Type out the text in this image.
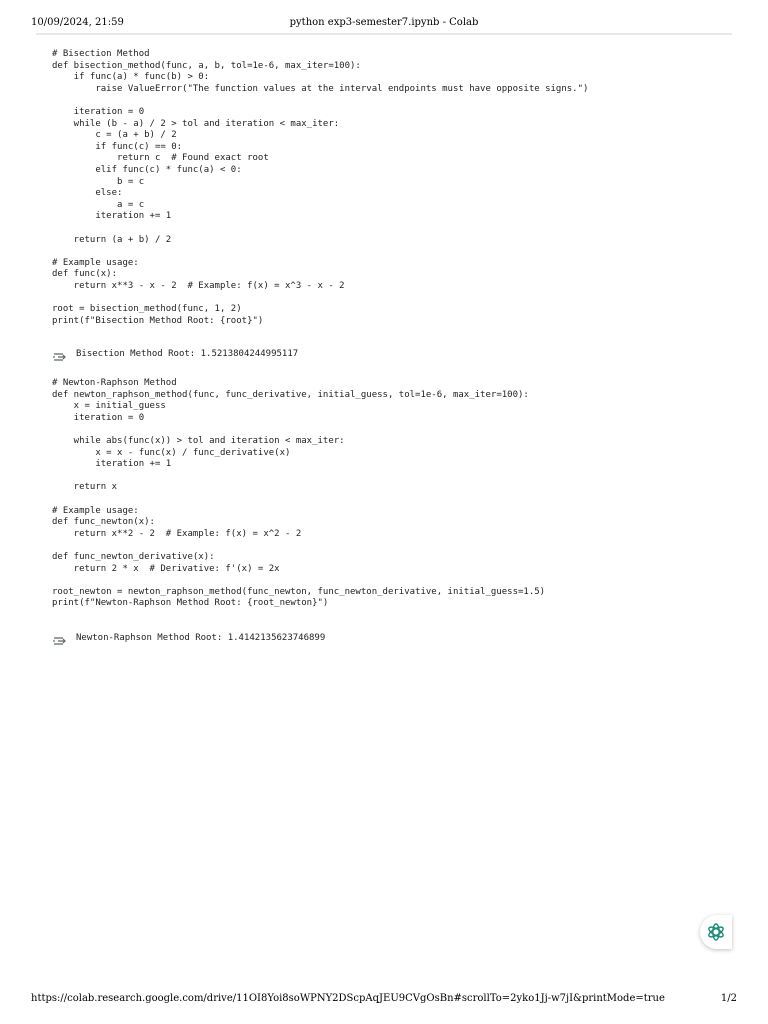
10/09/2024, 21:59	python exp3-semester7.ipynb - Colab
# Bisection Method
def bisection_method(func, a, b, tol=1e-6, max_iter=100):
if func(a) * func(b) > 0:
raise ValueError("The function values at the interval endpoints must have opposite signs.")

iteration = 0
while (b - a) / 2 > tol and iteration < max_iter:
c = (a + b) / 2
if func(c) == 0:
return c  # Found exact root
elif func(c) * func(a) < 0:
b = c
else:
a = c
iteration += 1

return (a + b) / 2

# Example usage:
def func(x):
return x**3 - x - 2  # Example: f(x) = x^3 - x - 2

root = bisection_method(func, 1, 2)
print(f"Bisection Method Root: {root}")
Bisection Method Root: 1.5213804244995117
# Newton-Raphson Method
def newton_raphson_method(func, func_derivative, initial_guess, tol=1e-6, max_iter=100):
x = initial_guess
iteration = 0

while abs(func(x)) > tol and iteration < max_iter:
x = x - func(x) / func_derivative(x)
iteration += 1

return x

# Example usage:
def func_newton(x):
return x**2 - 2  # Example: f(x) = x^2 - 2

def func_newton_derivative(x):
return 2 * x  # Derivative: f'(x) = 2x

root_newton = newton_raphson_method(func_newton, func_newton_derivative, initial_guess=1.5)
print(f"Newton-Raphson Method Root: {root_newton}")
Newton-Raphson Method Root: 1.4142135623746899
https://colab.research.google.com/drive/11OI8Yoi8soWPNY2DScpAqJEU9CVgOsBn#scrollTo=2yko1Jj-w7jI&printMode=true	1/2
